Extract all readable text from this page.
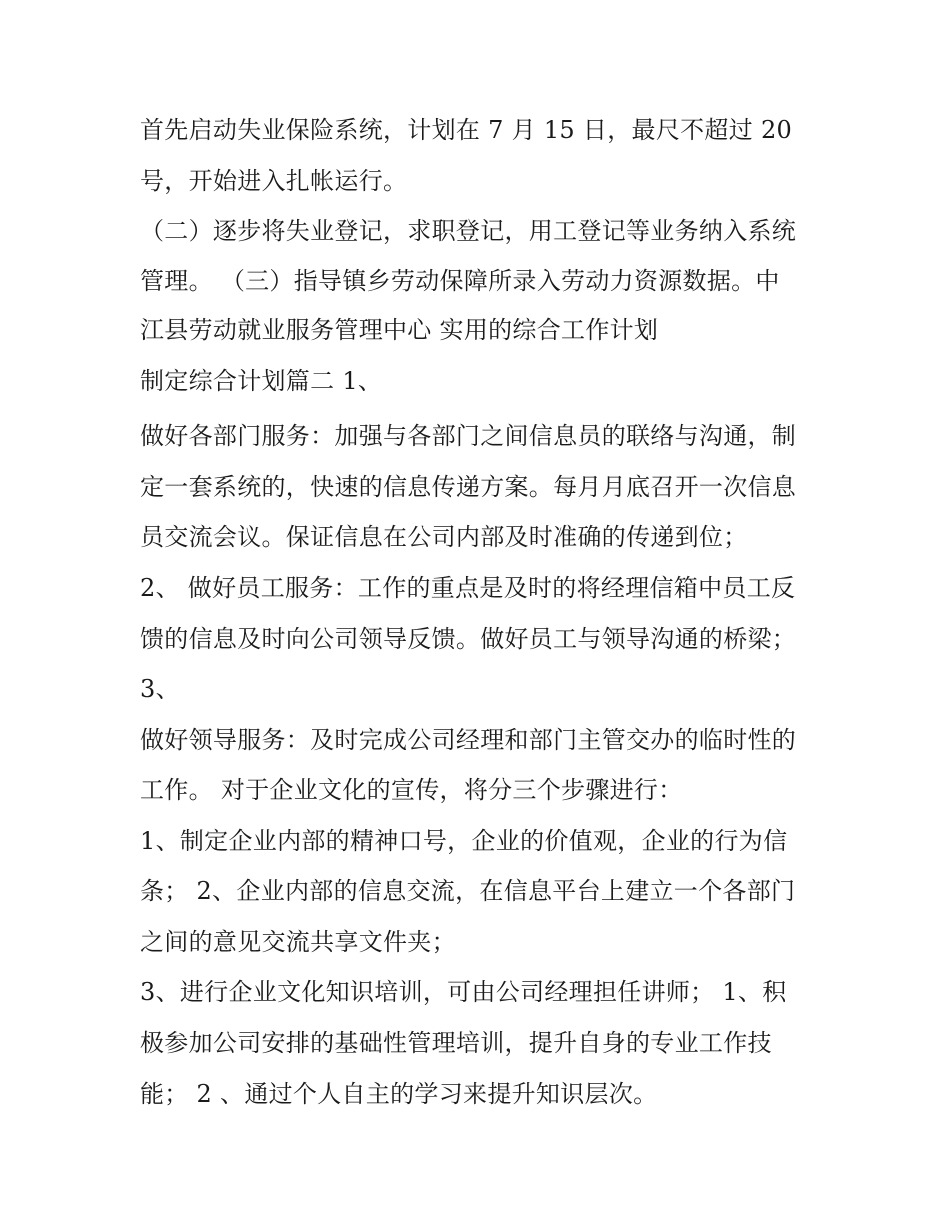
首先启动失业保险系统，计划在 7 月 15 日，最尺不超过 20
号，开始进入扎帐运行。
（二）逐步将失业登记，求职登记，用工登记等业务纳入系统
管理。 （三）指导镇乡劳动保障所录入劳动力资源数据。中
江县劳动就业服务管理中心 实用的综合工作计划
制定综合计划篇二 1、
做好各部门服务：加强与各部门之间信息员的联络与沟通，制
定一套系统的，快速的信息传递方案。每月月底召开一次信息
员交流会议。保证信息在公司内部及时准确的传递到位；
2、 做好员工服务：工作的重点是及时的将经理信箱中员工反
馈的信息及时向公司领导反馈。做好员工与领导沟通的桥梁；
3、
做好领导服务：及时完成公司经理和部门主管交办的临时性的
工作。 对于企业文化的宣传，将分三个步骤进行：
1、制定企业内部的精神口号，企业的价值观，企业的行为信
条； 2、企业内部的信息交流，在信息平台上建立一个各部门
之间的意见交流共享文件夹；
3、进行企业文化知识培训，可由公司经理担任讲师； 1、积
极参加公司安排的基础性管理培训，提升自身的专业工作技
能； 2 、通过个人自主的学习来提升知识层次。
